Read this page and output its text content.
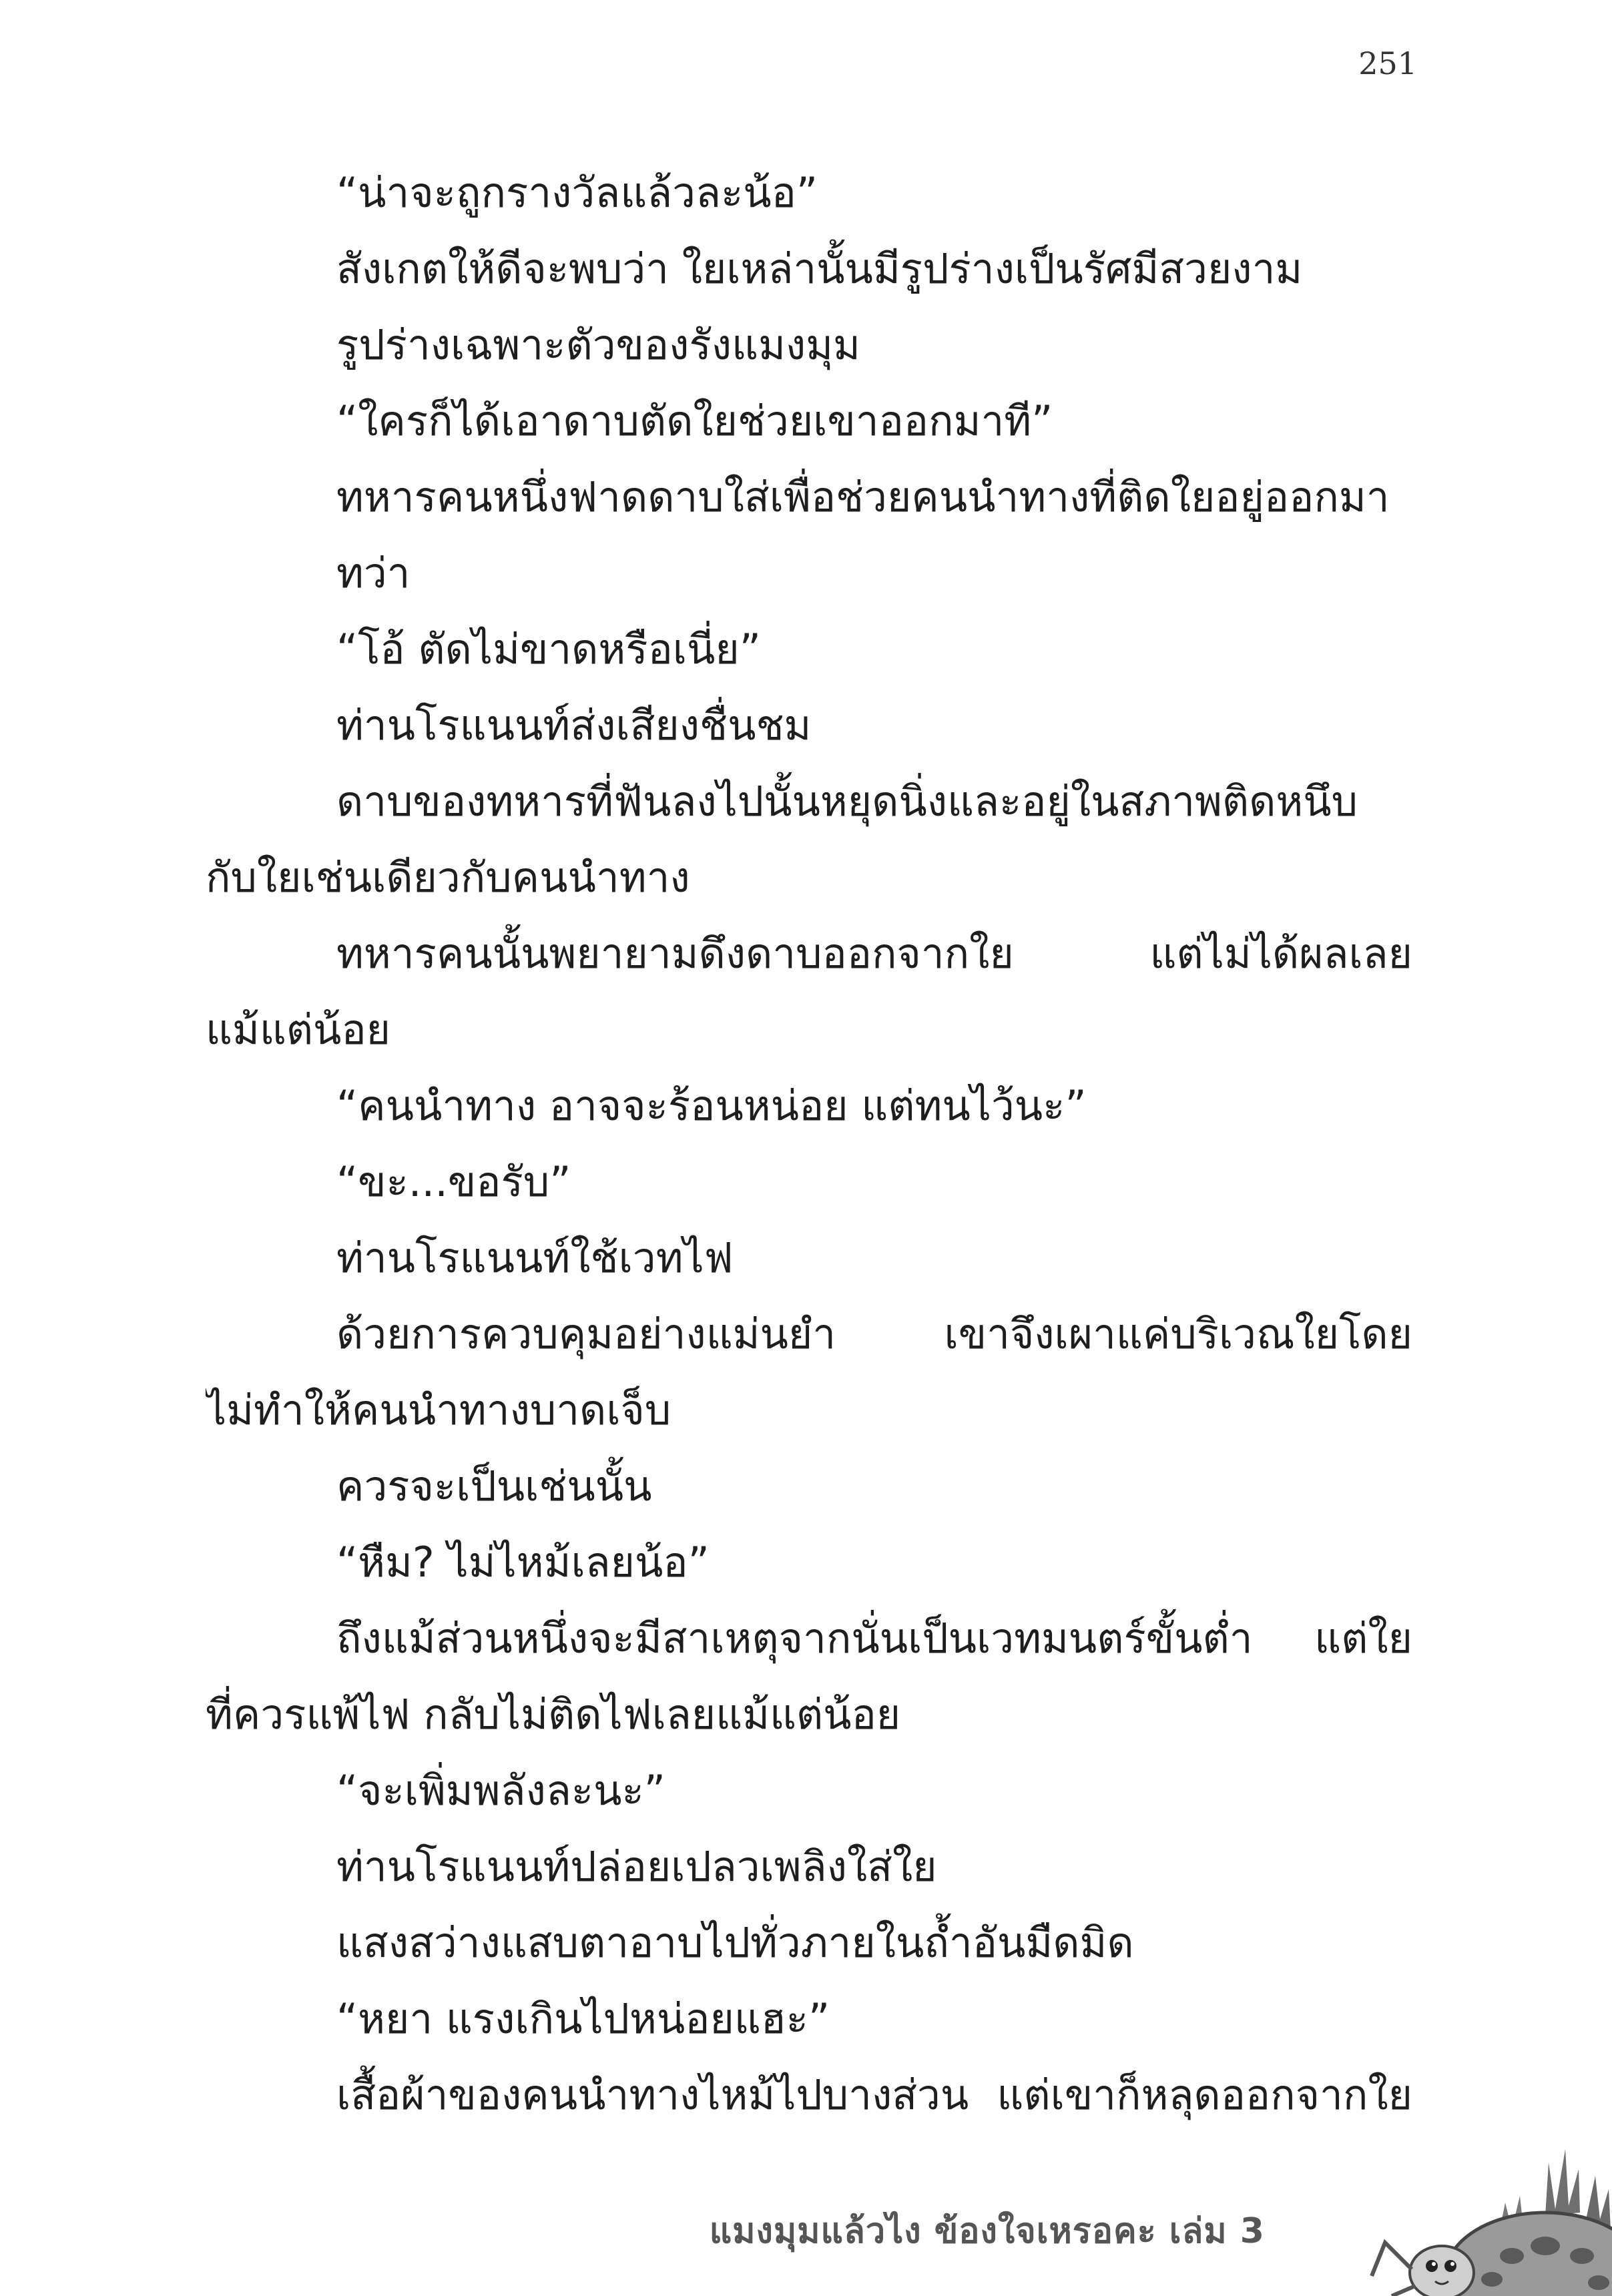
251
“น่าจะถูกรางวัลแล้วละน้อ”
สังเกตให้ดีจะพบว่า ใยเหล่านั้นมีรูปร่างเป็นรัศมีสวยงาม
รูปร่างเฉพาะตัวของรังแมงมุม
“ใครก็ได้เอาดาบตัดใยช่วยเขาออกมาที”
ทหารคนหนึ่งฟาดดาบใส่เพื่อช่วยคนนำทางที่ติดใยอยู่ออกมา
ทว่า
“โอ้ ตัดไม่ขาดหรือเนี่ย”
ท่านโรแนนท์ส่งเสียงชื่นชม
ดาบของทหารที่ฟันลงไปนั้นหยุดนิ่งและอยู่ในสภาพติดหนึบ
กับใยเช่นเดียวกับคนนำทาง
ทหารคนนั้นพยายามดึงดาบออกจากใย แต่ไม่ได้ผลเลย
แม้แต่น้อย
“คนนำทาง อาจจะร้อนหน่อย แต่ทนไว้นะ”
“ขะ...ขอรับ”
ท่านโรแนนท์ใช้เวทไฟ
ด้วยการควบคุมอย่างแม่นยำ เขาจึงเผาแค่บริเวณใยโดย
ไม่ทำให้คนนำทางบาดเจ็บ
ควรจะเป็นเช่นนั้น
“หืม? ไม่ไหม้เลยน้อ”
ถึงแม้ส่วนหนึ่งจะมีสาเหตุจากนั่นเป็นเวทมนตร์ขั้นต่ำ แต่ใย
ที่ควรแพ้ไฟ กลับไม่ติดไฟเลยแม้แต่น้อย
“จะเพิ่มพลังละนะ”
ท่านโรแนนท์ปล่อยเปลวเพลิงใส่ใย
แสงสว่างแสบตาอาบไปทั่วภายในถ้ำอันมืดมิด
“หยา แรงเกินไปหน่อยแฮะ”
เสื้อผ้าของคนนำทางไหม้ไปบางส่วน แต่เขาก็หลุดออกจากใย
แมงมุมแล้วไง ข้องใจเหรอคะ เล่ม 3
